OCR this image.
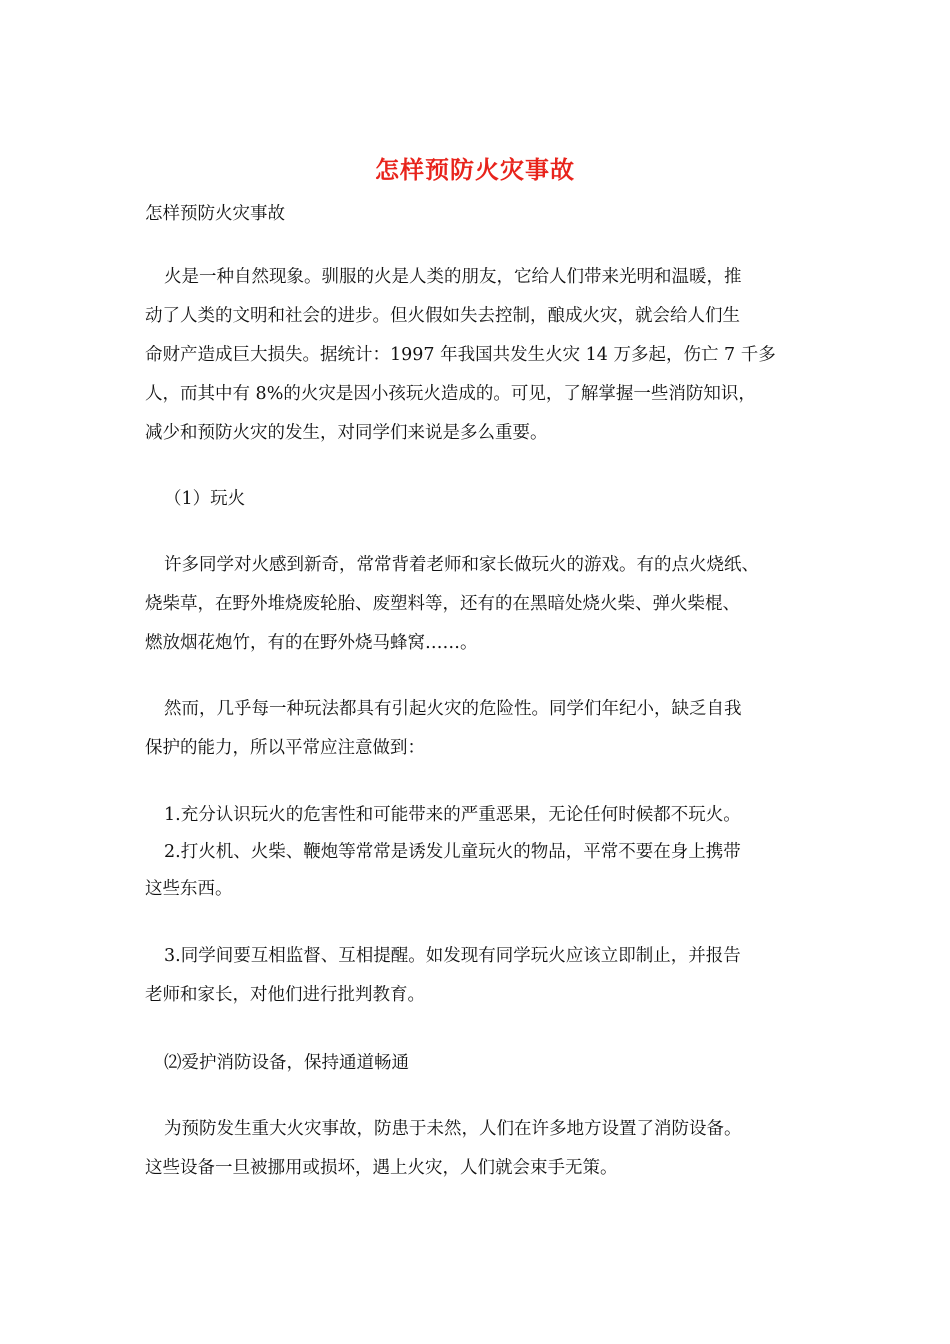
怎样预防火灾事故
怎样预防火灾事故

火是一种自然现象。驯服的火是人类的朋友，它给人们带来光明和温暖，推

动了人类的文明和社会的进步。但火假如失去控制，酿成火灾，就会给人们生

命财产造成巨大损失。据统计：1997 年我国共发生火灾 14 万多起，伤亡 7 千多

人，而其中有 8%的火灾是因小孩玩火造成的。可见，了解掌握一些消防知识，

减少和预防火灾的发生，对同学们来说是多么重要。

（1）玩火

许多同学对火感到新奇，常常背着老师和家长做玩火的游戏。有的点火烧纸、

烧柴草，在野外堆烧废轮胎、废塑料等，还有的在黑暗处烧火柴、弹火柴棍、

燃放烟花炮竹，有的在野外烧马蜂窝……。

然而，几乎每一种玩法都具有引起火灾的危险性。同学们年纪小，缺乏自我

保护的能力，所以平常应注意做到：

1.充分认识玩火的危害性和可能带来的严重恶果，无论任何时候都不玩火。

2.打火机、火柴、鞭炮等常常是诱发儿童玩火的物品，平常不要在身上携带

这些东西。

3.同学间要互相监督、互相提醒。如发现有同学玩火应该立即制止，并报告

老师和家长，对他们进行批判教育。

⑵爱护消防设备，保持通道畅通

为预防发生重大火灾事故，防患于未然，人们在许多地方设置了消防设备。

这些设备一旦被挪用或损坏，遇上火灾，人们就会束手无策。
